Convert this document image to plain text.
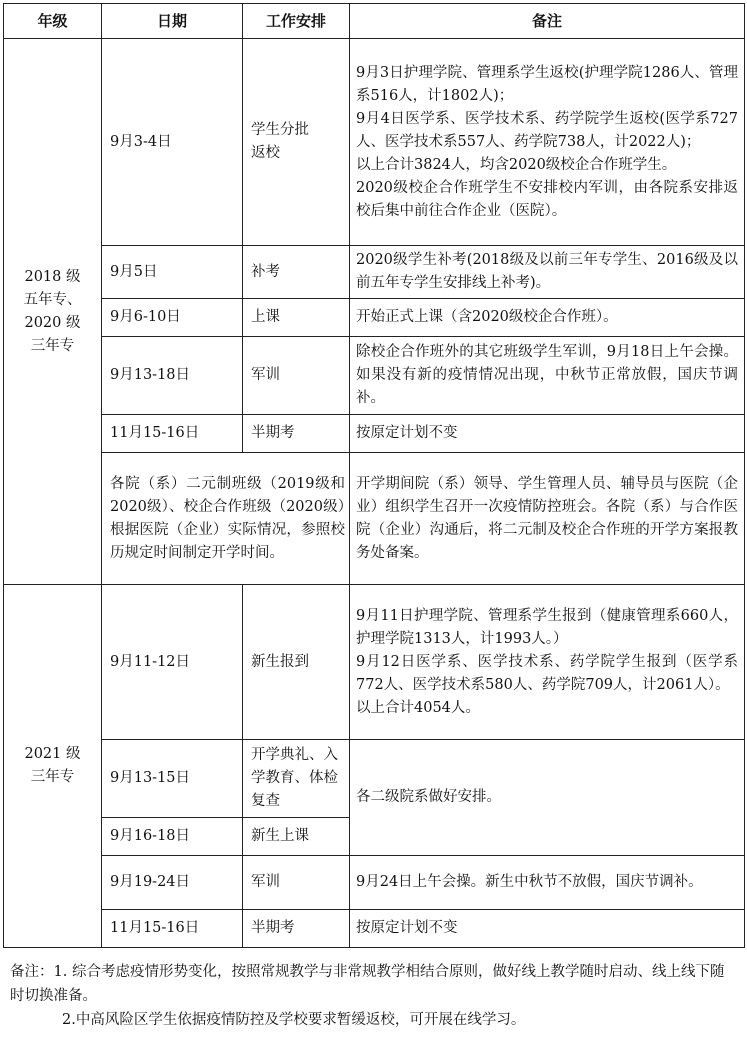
年级	日期	工作安排	备注

2018 级
五年专、
2020 级
三年专	9月3-4日	学生分批
返校	9月3日护理学院、管理系学生返校(护理学院1286人、管理系516人，计1802人)；
9月4日医学系、医学技术系、药学院学生返校(医学系727人、医学技术系557人、药学院738人，计2022人)；
以上合计3824人，均含2020级校企合作班学生。
2020级校企合作班学生不安排校内军训，由各院系安排返校后集中前往合作企业（医院）。

	9月5日	补考	2020级学生补考(2018级及以前三年专学生、2016级及以前五年专学生安排线上补考)。
	9月6-10日	上课	开始正式上课（含2020级校企合作班）。
	9月13-18日	军训	除校企合作班外的其它班级学生军训，9月18日上午会操。如果没有新的疫情情况出现，中秋节正常放假，国庆节调补。
	11月15-16日	半期考	按原定计划不变
	各院（系）二元制班级（2019级和2020级）、校企合作班级（2020级）根据医院（企业）实际情况，参照校历规定时间制定开学时间。		开学期间院（系）领导、学生管理人员、辅导员与医院（企业）组织学生召开一次疫情防控班会。各院（系）与合作医院（企业）沟通后，将二元制及校企合作班的开学方案报教务处备案。

2021 级
三年专	9月11-12日	新生报到	9月11日护理学院、管理系学生报到（健康管理系660人，护理学院1313人，计1993人。）
9月12日医学系、医学技术系、药学院学生报到（医学系772人、医学技术系580人、药学院709人，计2061人）。
以上合计4054人。

	9月13-15日	开学典礼、入学教育、体检复查	各二级院系做好安排。
	9月16-18日	新生上课	
	9月19-24日	军训	9月24日上午会操。新生中秋节不放假，国庆节调补。
	11月15-16日	半期考	按原定计划不变
备注：1. 综合考虑疫情形势变化，按照常规教学与非常规教学相结合原则，做好线上教学随时启动、线上线下随时切换准备。
2.中高风险区学生依据疫情防控及学校要求暂缓返校，可开展在线学习。
